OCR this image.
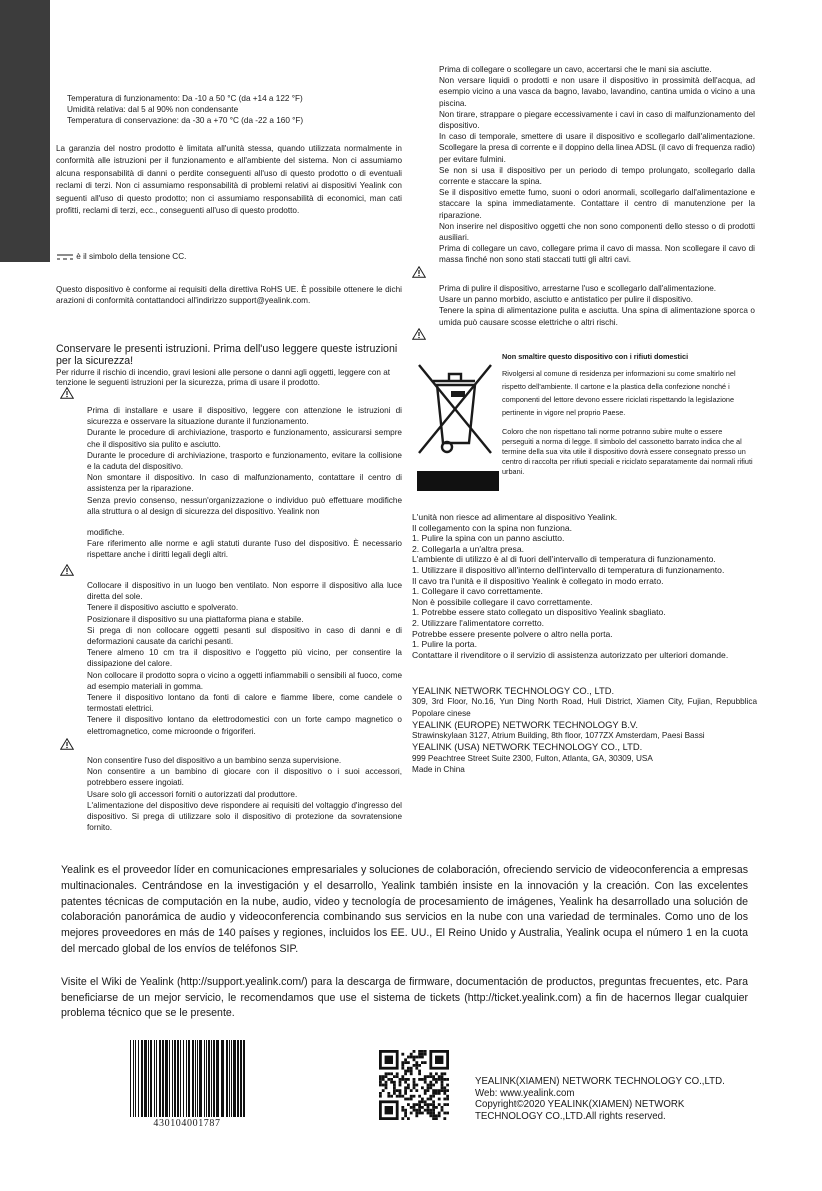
Temperatura di funzionamento: Da -10 a 50 °C (da +14 a 122 °F)

Umidità relativa: dal 5 al 90% non condensante

Temperatura di conservazione: da -30 a +70 °C (da -22 a 160 °F)

La garanzia del nostro prodotto è limitata all'unità stessa, quando utilizzata normalmente in conformità alle istruzioni per il funzionamento e all'ambiente del sistema. Non ci assumiamo alcuna responsabilità di danni o perdite conseguenti all'uso di questo prodotto o di eventuali reclami di terzi. Non ci assumiamo responsabilità di problemi relativi ai dispositivi Yealink con seguenti all'uso di questo prodotto; non ci assumiamo responsabilità di economici, man cati profitti, reclami di terzi, ecc., conseguenti all'uso di questo prodotto.

è il simbolo della tensione CC.

Questo dispositivo è conforme ai requisiti della direttiva RoHS UE. È possibile ottenere le dichi arazioni di conformità contattandoci all'indirizzo support@yealink.com.

Conservare le presenti istruzioni. Prima dell'uso leggere queste istruzioni per la sicurezza!

Per ridurre il rischio di incendio, gravi lesioni alle persone o danni agli oggetti, leggere con at tenzione le seguenti istruzioni per la sicurezza, prima di usare il prodotto.

Prima di installare e usare il dispositivo, leggere con attenzione le istruzioni di sicurezza e osservare la situazione durante il funzionamento.

Durante le procedure di archiviazione, trasporto e funzionamento, assicurarsi sempre che il dispositivo sia pulito e asciutto.

Durante le procedure di archiviazione, trasporto e funzionamento, evitare la collisione e la caduta del dispositivo.

Non smontare il dispositivo. In caso di malfunzionamento, contattare il centro di assistenza per la riparazione.

Senza previo consenso, nessun'organizzazione o individuo può effettuare modifiche alla struttura o al design di sicurezza del dispositivo. Yealink non

modifiche.

Fare riferimento alle norme e agli statuti durante l'uso del dispositivo. È necessario rispettare anche i diritti legali degli altri.

Collocare il dispositivo in un luogo ben ventilato. Non esporre il dispositivo alla luce diretta del sole.

Tenere il dispositivo asciutto e spolverato.

Posizionare il dispositivo su una piattaforma piana e stabile.

Si prega di non collocare oggetti pesanti sul dispositivo in caso di danni e di deformazioni causate da carichi pesanti.

Tenere almeno 10 cm tra il dispositivo e l'oggetto più vicino, per consentire la dissipazione del calore.

Non collocare il prodotto sopra o vicino a oggetti infiammabili o sensibili al fuoco, come ad esempio materiali in gomma.

Tenere il dispositivo lontano da fonti di calore e fiamme libere, come candele o termostati elettrici.

Tenere il dispositivo lontano da elettrodomestici con un forte campo magnetico o elettromagnetico, come microonde o frigoriferi.

Non consentire l'uso del dispositivo a un bambino senza supervisione.

Non consentire a un bambino di giocare con il dispositivo o i suoi accessori, potrebbero essere ingoiati.

Usare solo gli accessori forniti o autorizzati dal produttore.

L'alimentazione del dispositivo deve rispondere ai requisiti del voltaggio d'ingresso del dispositivo. Si prega di utilizzare solo il dispositivo di protezione da sovratensione fornito.

Prima di collegare o scollegare un cavo, accertarsi che le mani sia asciutte.

Non versare liquidi o prodotti e non usare il dispositivo in prossimità dell'acqua, ad esempio vicino a una vasca da bagno, lavabo, lavandino, cantina umida o vicino a una piscina.

Non tirare, strappare o piegare eccessivamente i cavi in caso di malfunzionamento del dispositivo.

In caso di temporale, smettere di usare il dispositivo e scollegarlo dall'alimentazione. Scollegare la presa di corrente e il doppino della linea ADSL (il cavo di frequenza radio) per evitare fulmini.

Se non si usa il dispositivo per un periodo di tempo prolungato, scollegarlo dalla corrente e staccare la spina.

Se il dispositivo emette fumo, suoni o odori anormali, scollegarlo dall'alimentazione e staccare la spina immediatamente. Contattare il centro di manutenzione per la riparazione.

Non inserire nel dispositivo oggetti che non sono componenti dello stesso o di prodotti ausiliari.

Prima di collegare un cavo, collegare prima il cavo di massa. Non scollegare il cavo di massa finché non sono stati staccati tutti gli altri cavi.

Prima di pulire il dispositivo, arrestarne l'uso e scollegarlo dall'alimentazione.

Usare un panno morbido, asciutto e antistatico per pulire il dispositivo.

Tenere la spina di alimentazione pulita e asciutta. Una spina di alimentazione sporca o umida può causare scosse elettriche o altri rischi.

Non smaltire questo dispositivo con i rifiuti domestici

Rivolgersi al comune di residenza per informazioni su come smaltirlo nel rispetto dell'ambiente. Il cartone e la plastica della confezione nonché i componenti del lettore devono essere riciclati rispettando la legislazione pertinente in vigore nel proprio Paese.

Coloro che non rispettano tali norme potranno subire multe o essere perseguiti a norma di legge. Il simbolo del cassonetto barrato indica che al termine della sua vita utile il dispositivo dovrà essere consegnato presso un centro di raccolta per rifiuti speciali e riciclato separatamente dai normali rifiuti urbani.

L'unità non riesce ad alimentare al dispositivo Yealink.

Il collegamento con la spina non funziona.

1. Pulire la spina con un panno asciutto.

2. Collegarla a un'altra presa.

L'ambiente di utilizzo è al di fuori dell'intervallo di temperatura di funzionamento.

1. Utilizzare il dispositivo all'interno dell'intervallo di temperatura di funzionamento.

Il cavo tra l'unità e il dispositivo Yealink è collegato in modo errato.

1. Collegare il cavo correttamente.

Non è possibile collegare il cavo correttamente.

1. Potrebbe essere stato collegato un dispositivo Yealink sbagliato.

2. Utilizzare l'alimentatore corretto.

Potrebbe essere presente polvere o altro nella porta.

1. Pulire la porta.

Contattare il rivenditore o il servizio di assistenza autorizzato per ulteriori domande.

YEALINK NETWORK TECHNOLOGY CO., LTD.

309, 3rd Floor, No.16, Yun Ding North Road, Huli District, Xiamen City, Fujian, Repubblica Popolare cinese

YEALINK (EUROPE) NETWORK TECHNOLOGY B.V.

Strawinskylaan 3127, Atrium Building, 8th floor, 1077ZX Amsterdam, Paesi Bassi

YEALINK (USA) NETWORK TECHNOLOGY CO., LTD.

999 Peachtree Street Suite 2300, Fulton, Atlanta, GA, 30309, USA

Made in China

Yealink es el proveedor líder en comunicaciones empresariales y soluciones de colaboración, ofreciendo servicio de videoconferencia a empresas multinacionales. Centrándose en la investigación y el desarrollo, Yealink también insiste en la innovación y la creación. Con las excelentes patentes técnicas de computación en la nube, audio, video y tecnología de procesamiento de imágenes, Yealink ha desarrollado una solución de colaboración panorámica de audio y videoconferencia combinando sus servicios en la nube con una variedad de terminales. Como uno de los mejores proveedores en más de 140 países y regiones, incluidos los EE. UU., El Reino Unido y Australia, Yealink ocupa el número 1 en la cuota del mercado global de los envíos de teléfonos SIP.

Visite el Wiki de Yealink (http://support.yealink.com/) para la descarga de firmware, documentación de productos, preguntas frecuentes, etc. Para beneficiarse de un mejor servicio, le recomendamos que use el sistema de tickets (http://ticket.yealink.com) a fin de hacernos llegar cualquier problema técnico que se le presente.

430104001787

YEALINK(XIAMEN) NETWORK TECHNOLOGY CO.,LTD.

Web: www.yealink.com

Copyright©2020 YEALINK(XIAMEN) NETWORK TECHNOLOGY CO.,LTD.All rights reserved.
